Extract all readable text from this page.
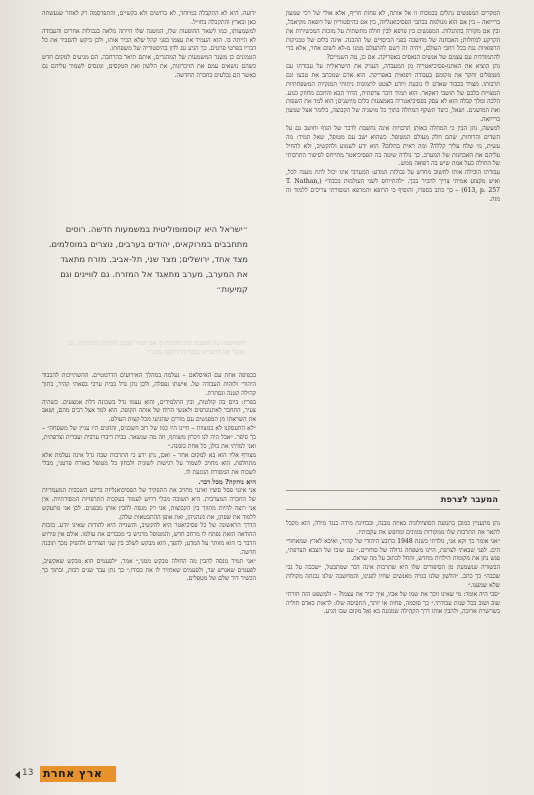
המקרים המפגשים נתלים בכמכות זו אל אותה, לא פחות חריף, אלא אולי של רכי שמעון ברייזאה – בין אם הוא מגולמת בכתבי הפסיכואנליזה, בין אם כהיסטוריון של רופאה מקיאבל, ובין אם מקורה בהתגלות. המפגשים בין פרפא לבין חולה מתשתית על מזכות המכשירות את הקרקע למחלות; האבחנה של מחשבה בפני הכיסויים של ההבנה. אינה בלום של טכניקות הרפואיות נגח בכל רחבי העולם, ויהיה זה רשם להתעלם ממנו מ-לא לשום אחר, אלא כדי להתמודדות עם עצמם של אנשים הנאסים באפריקה. אם כן, מה השמיים?

נתן הוציא את האתנו-פסיכיאטריה מן המעבדה, העניק את הישראלית על עבודתו עם מטופלים וחקר את מקומם בעבודה רפואית באפריקה. הוא אדם שמכתב את טבעו וגם תרבותו. מצויד בכבוד שאדם לו נובעת ויודע לצטט לתמונות ניתוחי המנקיות המשפחתיות המצויות בלבם של תושבי דאקאר. הוא תמיד דובר צרפתית, הדור הבא והחכם מחוזק כנוע. הלכה ומלך קבלה הוא לא עסק בפסיכיאטריה באמצעות כלים מיושנים; הוא למד את השפות ואת המושגים. ושאל, כיצד תשקף המחלה בתוך כל מושגיה של הקבוצה, כלומר אצל שמעון ברייזאה.

למעשה, נתן הבין כי המחלה באותן תרבויות אינה נחשבת לדבר של הגוף וחושב גם על השדים והרוחות, שהם חלק מעולם המטופל. כשהוא ישב עם מטופל, שאל תמיד: מה עשית, מי שלח עליך קללה? ומה ראית בחלום? הוא ידע לשמוע ולהקשיב, ולא להחיל עליהם את האבחנות של המערב. כך נולדה שיטה בה הפסיכיאטר מתייחס לסיפור התרבותי של החולה כעל אמת שיש בה רפואה ממש.

עבודתו הובילה אותו לחשוב מחדש על גבולות המדע: המערבי אינו יכול לתת מענה לכל, ואיש מקצוע אמיתי צריך להכיר בכך. ״להתייחס לשני העולמות בכבוד״ (T. Nathan, 613, p. 257) – כך כתב בספרו, והוסיף כי הרופא והמרפא המסורתי צריכים ללמוד זה מזה.

ידועה. היא לא התקבלה במיוחד, לא ברושים ולא בקשיים, והתפרסמה רק לאחר שנעשתה כאן ובארץ והתקבלה בחו״ל.

למשמעותו, כמו לשאר ההופעות שלו, המשנה שלו הייתה מלאה בגבולות אחרים והעבודה לא הייתה בו. הוא העמיד את עצמו בפני קהל שלא הכיר אותו, ולכן ביקש להסביר את כל דבריו בפרטי פרטים. כך הגיע גם לדון בהיסטוריה של משפחתו.

הטמונים כן משגר המשמעות של המהגרים, אותם תיאר בהרחבה. הם מגיעים למקום חדש כשהם נושאים עמם את הזיכרונות, את הלשון ואת הטקסים, ומנסים לשמור עליהם גם כאשר הם נבלעים בחברה החדשה.

״ישראל היא קוסמופוליטית במשמעות חדשה. רוסים מתחבבים במרוקאים, יהודים בערבים, נוצרים במוסלמים. מצד אחד, ירושלים; מצד שני, תל-אביב. מזרח מתאגד את המערב, מערב מתאגד אל המזרח. גם לוויינים וגם קמיעות״
״המחשבה על המפגש הזה מלמדת כי אנו תמיד שבים לנקודת ההתחלה, גם כאשר אנו חושבים שכבר התרחקנו ממנה״

בכפיפה אחת עם האיסלאם – נעלמה במהלך האירועים הדרמטיים. ההשתייכות להכבוד היהודי ולזהות העבודה של. אישתו נפסלה, ולכן נתן גדל בבית ערבי בפאתי קהיר, בתוך קהילה קטנה ונסתרת.

בפריז: ביום בה קולטות, ובין התלמידים, והוא עצמו גדל בשכונה דלת אמצעים. כשהיה צעיר, התחבר לאתנוגרפים ולאנשי הרוח של אותה תקופה. הוא למד אצל רבים מהם, ושאב את השראתו מן המפגשים עם מורים שהגיעו מכל קצות העולם.

״לא התעסקנו לא במצוות – חיינו היו כמו של רוב השכנים, והחגים היו עניין של משפחה״ – כך סיפר. ״אבל היה לנו זיכרון משותף, וזה מה שנשאר. בבית דיברו ערבית ועברית וצרפתית, ואני למדתי את כולן, כל אחת בזמנה.״

מצורף אליו הוא בא למקום אחר – ואכן, נתן ידע כי התרבות שבה גדל אינה נעלמת אלא מתחלפת. הוא מחויב לשמור על רגישות לשונית ולבחון כל מטופל באורח פרטני, מבלי לשכוח את המסורת הנוגעת לו.

היא נוחקה? מכל דבר.

אני אינני פסל סוציו ואינני מחויב את התפקיד של הפסיכואנליזה ברקע השכבות המעמדיות של החברה המערבית. היא תשובה מבלי דרוש לעמוד בעקבות התרפויות המסורתיות. אין אני רוצה להיות מתווך בין הקבוצות, אני רק מנסה להבין אותן מבפנים. לכן אני מתעקש ללמוד את שפתן, את מנהגיהן, ואת אופן ההתבטאות שלהן.

הדרך הראשונה של כל פסיכיאטר היא להקשיב, והשנייה היא להודות שאינו יודע. בזכות ההודאה הזאת נפתח לו מרחב חדש, והמטופל מרגיש כי מכבדים את עולמו. אולם אין פירוש הדבר כי הוא מוותר על המדע; להפך, הוא מבקש לשלב בין שני הצדדים ולהפיק מכך תובנה חדשה.

״אני תמיד מנסה להבין מה החולה מבקש ממני,״ אמר. ״לפעמים הוא מבקש שאקשיב, לפעמים שאגרש שד, ולפעמים שאחזיר לו את כבודו.״ כך נתן עבד שנים רבות, ובתוך כך הכשיר דור שלם של מטפלים.

המעבר לצרפת

נתן מתעניין כמובן בתנועת הסוציולוגיה באיזה מבנה, ובבחינת מידה כנגד מידה, הוא מקבל לתאר את התרבות שלו ממקורות מגוונים ומחפש את עקבותיו.

״אני אומר כך וקא אני, נולדתי בשנת 1948 ברובע היהודי של קהיר, ואיבא לארץ שמאחורי הים. לפני שבאתי לצרפת, היינו משפחה גדולה של סוחרים.״ עם שובו של הצבא הצרפתי, פגש נתן את מקומות הילדות מחדש, והחל לכתוב על מה שראה.

הבשורה שנשמעת מן הסיפורים שלו היא שתרבות אינה דבר שמתבטל, ״שכבה על גבי שכבה״ כך כתב. ״הלשון שלנו בנויה מאנשים שחיו לפנינו, והמחשבה שלנו נבנתה מקולות שלא שמענו.״

״סבי היה אומר: מי שאינו זוכר את שמו של אביו, איך יכיר את עצמו? – ולמשפט הזה חזרתי שוב ושוב בכל שנות עבודתי.״ כך סוכמה, פחות או יותר, התפיסה שלו: לראות באדם חוליה בשרשרת ארוכה, ולהבין אותו דרך הקהילה שממנה בא ואל מקום שבו הגיע.

13 ארץ אחרת
